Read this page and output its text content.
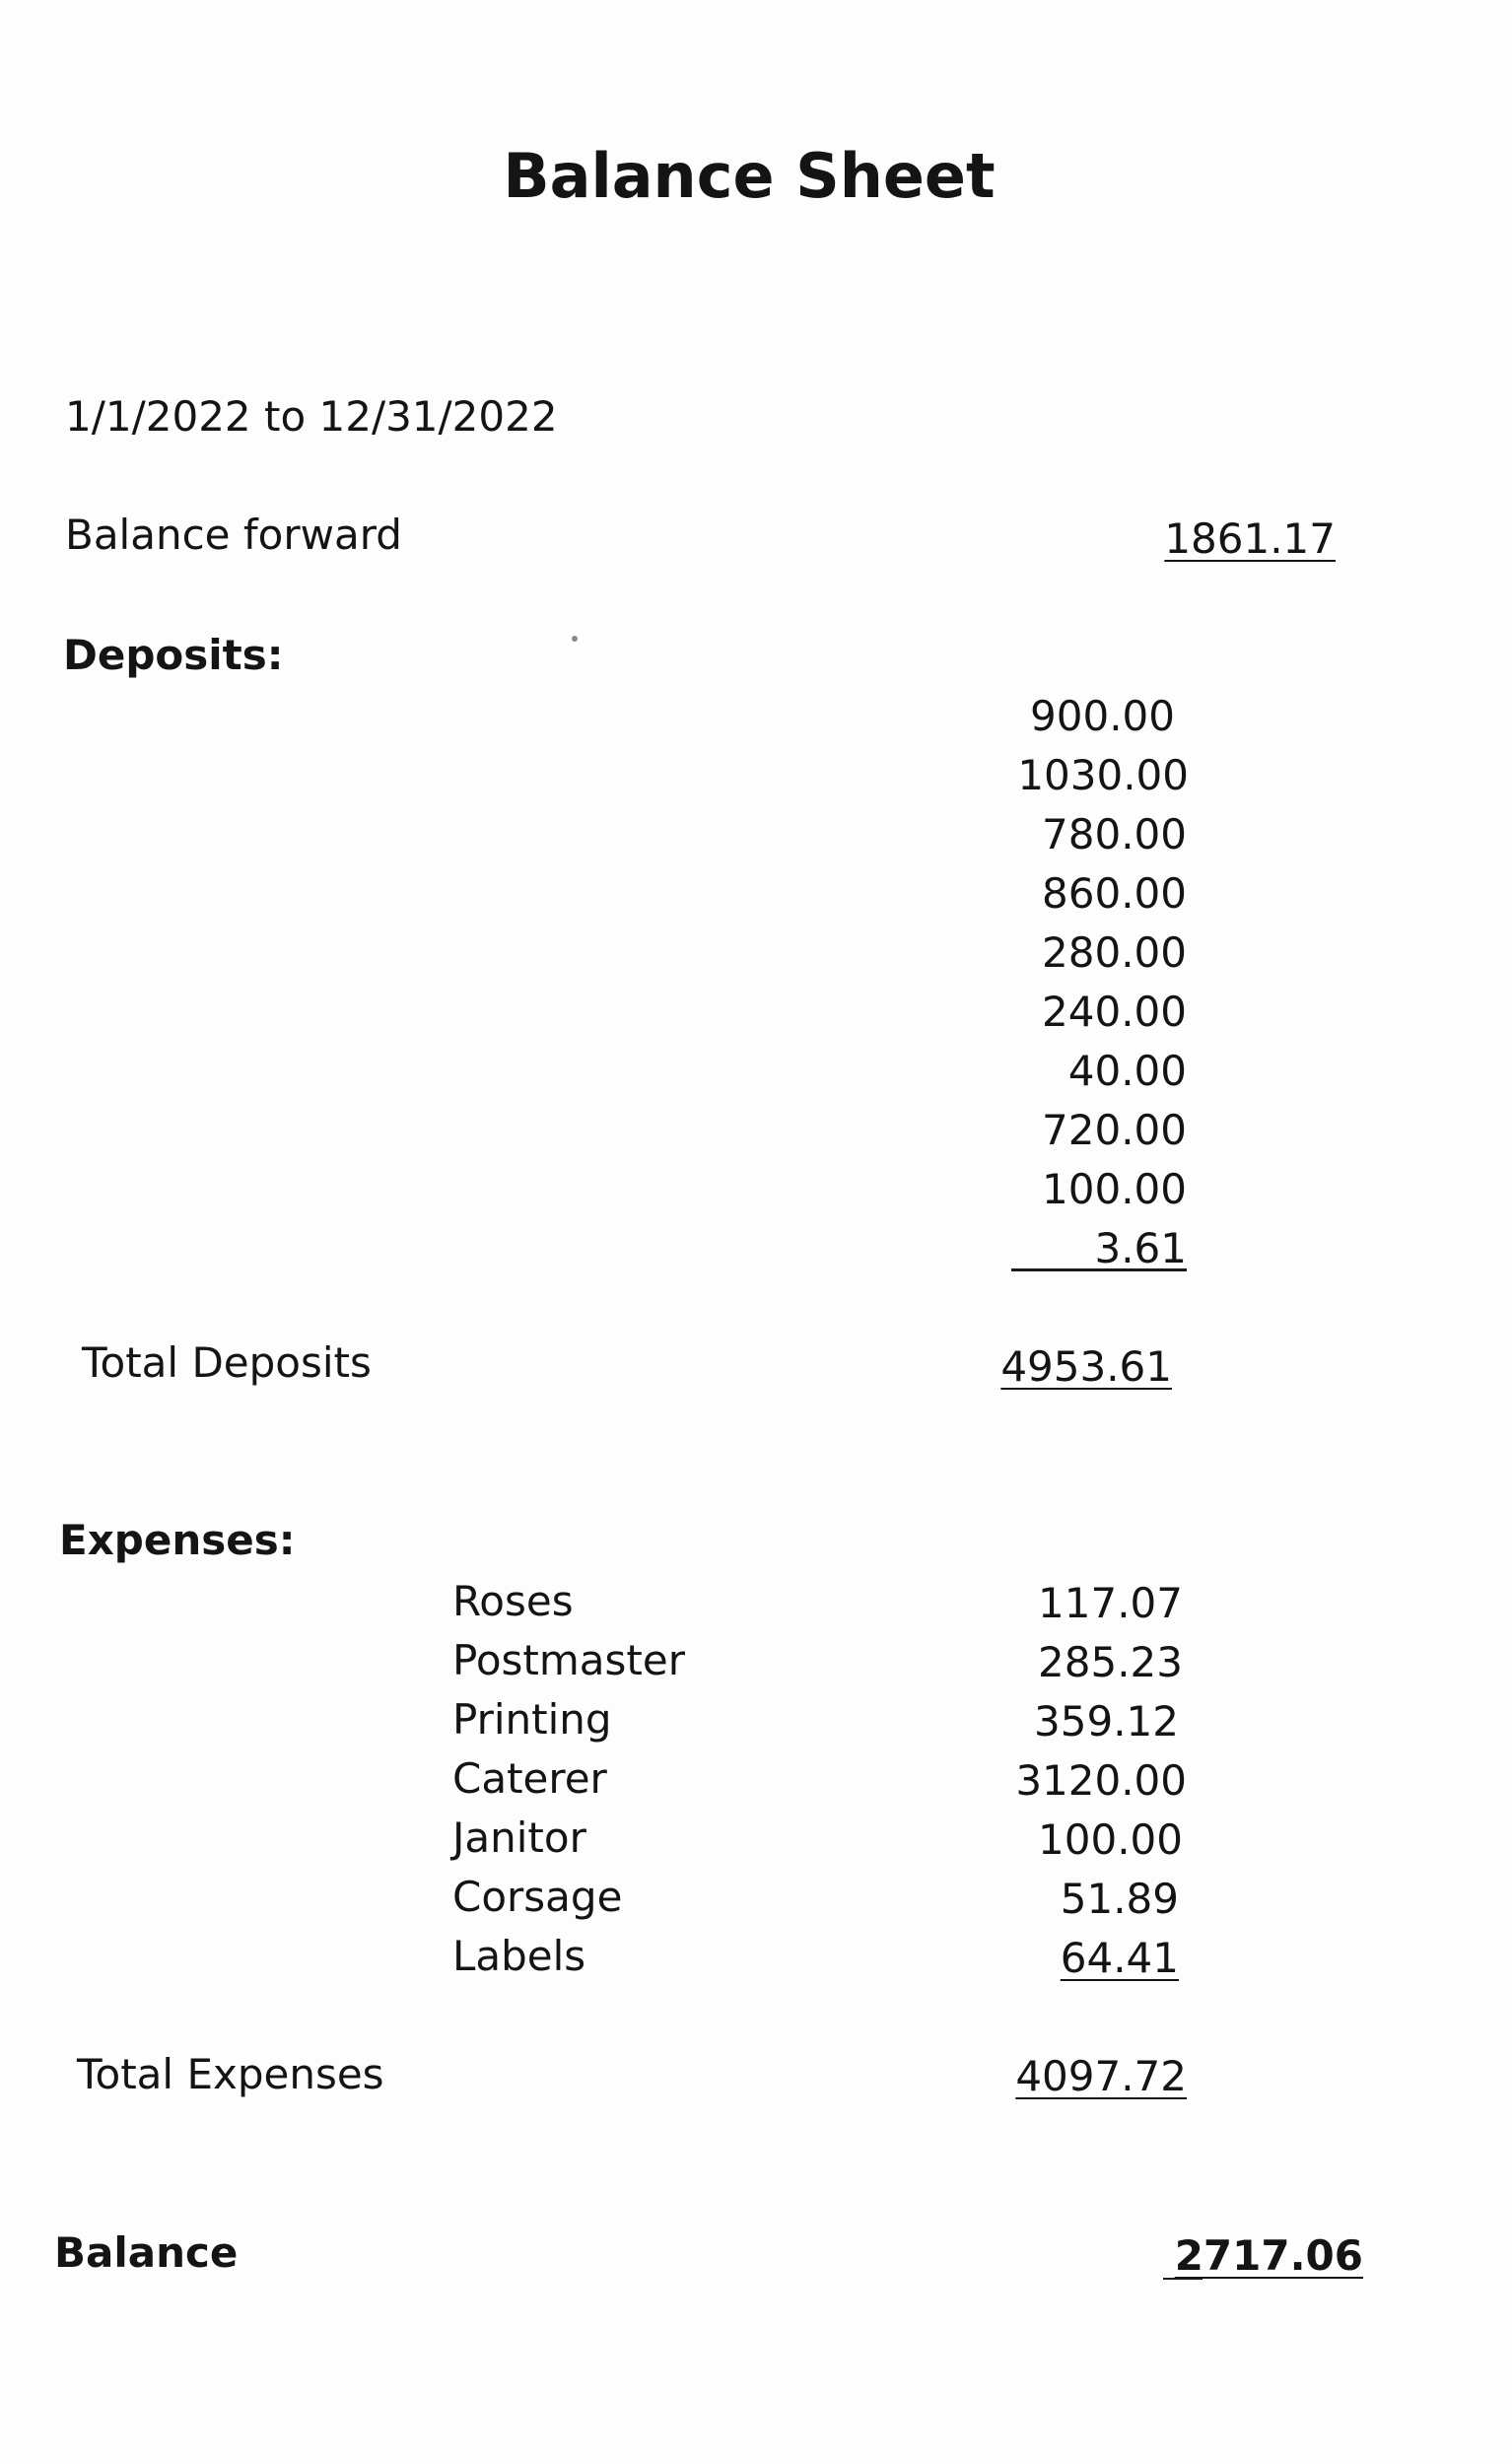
Balance Sheet
1/1/2022 to 12/31/2022
Balance forward	1861.17
Deposits:
900.00
1030.00
780.00
860.00
280.00
240.00
40.00
720.00
100.00
3.61
Total Deposits	4953.61
Expenses:
Roses	117.07
Postmaster	285.23
Printing	359.12
Caterer	3120.00
Janitor	100.00
Corsage	51.89
Labels	64.41
Total Expenses	4097.72
Balance	2717.06
